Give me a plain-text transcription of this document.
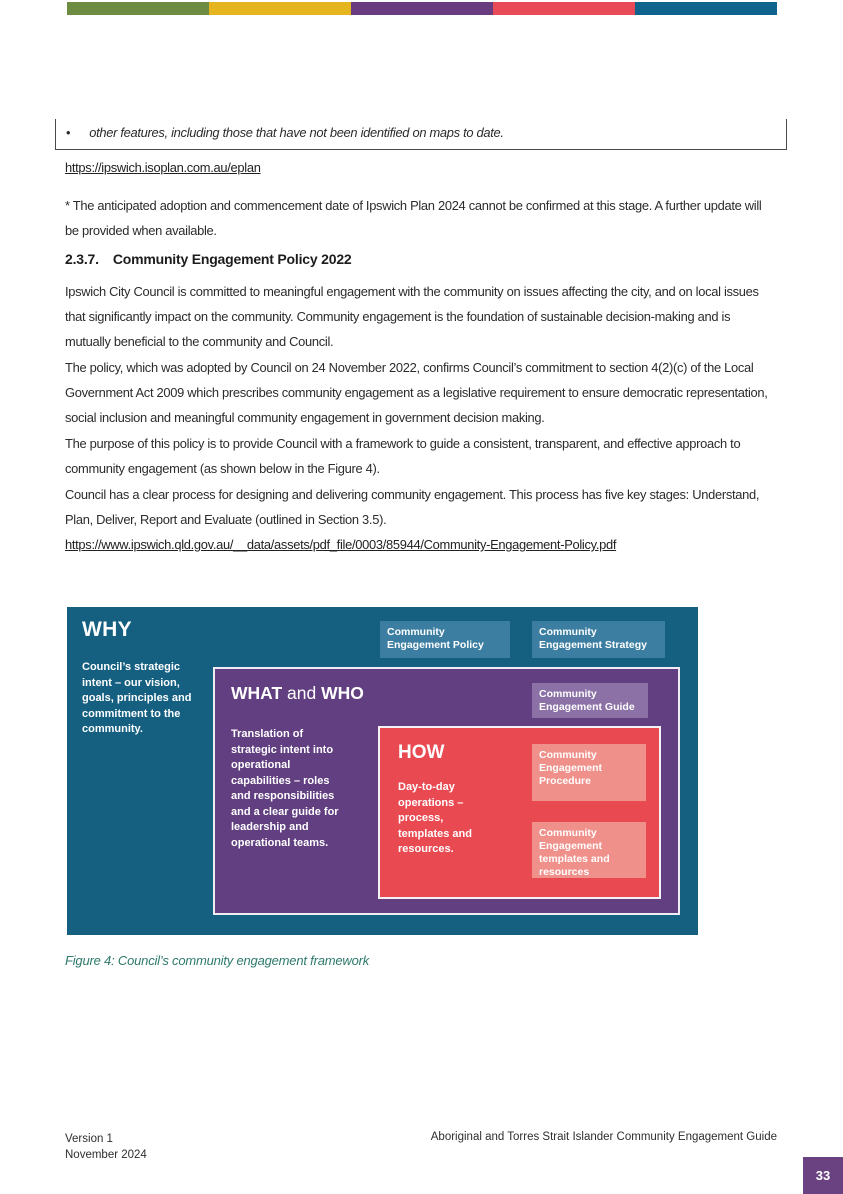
• other features, including those that have not been identified on maps to date.
https://ipswich.isoplan.com.au/eplan
* The anticipated adoption and commencement date of Ipswich Plan 2024 cannot be confirmed at this stage. A further update will be provided when available.
2.3.7. Community Engagement Policy 2022
Ipswich City Council is committed to meaningful engagement with the community on issues affecting the city, and on local issues that significantly impact on the community. Community engagement is the foundation of sustainable decision-making and is mutually beneficial to the community and Council.
The policy, which was adopted by Council on 24 November 2022, confirms Council’s commitment to section 4(2)(c) of the Local Government Act 2009 which prescribes community engagement as a legislative requirement to ensure democratic representation, social inclusion and meaningful community engagement in government decision making.
The purpose of this policy is to provide Council with a framework to guide a consistent, transparent, and effective approach to community engagement (as shown below in the Figure 4).
Council has a clear process for designing and delivering community engagement. This process has five key stages: Understand, Plan, Deliver, Report and Evaluate (outlined in Section 3.5).
https://www.ipswich.qld.gov.au/__data/assets/pdf_file/0003/85944/Community-Engagement-Policy.pdf
WHY	Community Engagement Policy
Community Engagement Strategy
Council’s strategic intent – our vision, goals, principles and commitment to the community.
WHAT and WHO	Community Engagement Guide
Translation of strategic intent into operational capabilities – roles and responsibilities and a clear guide for leadership and operational teams.
HOW
Day-to-day operations – process, templates and resources.
Community Engagement Procedure
Community Engagement templates and resources
Figure 4: Council’s community engagement framework
Version 1
November 2024
Aboriginal and Torres Strait Islander Community Engagement Guide
33
